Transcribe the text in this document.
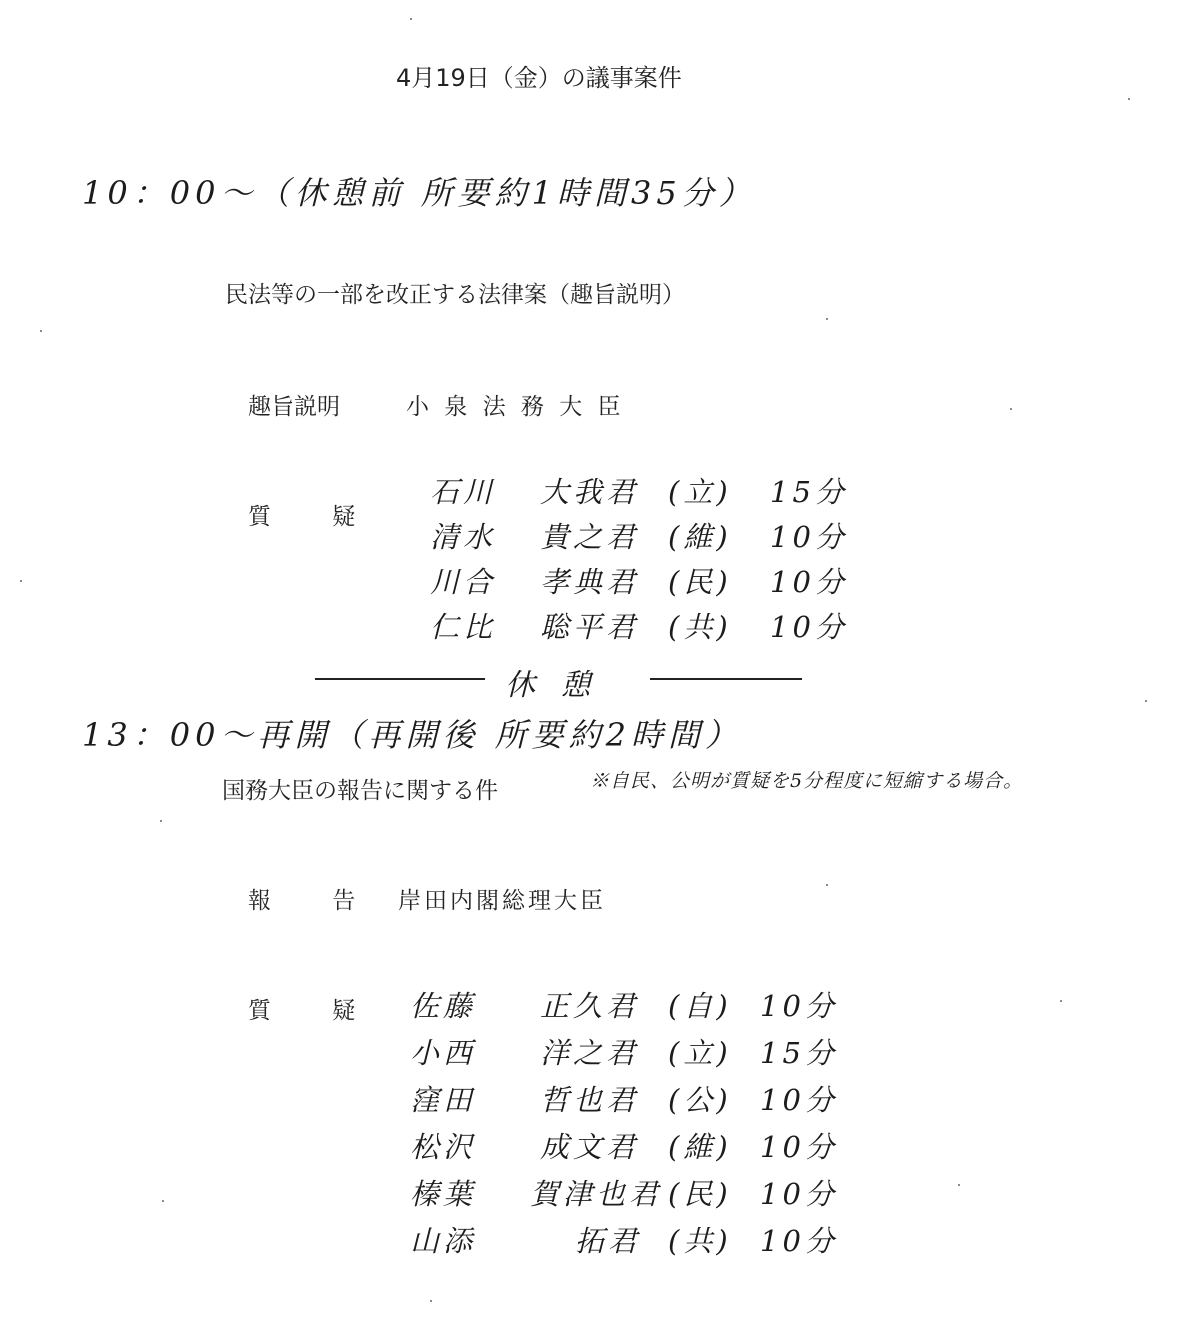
4月19日（金）の議事案件
10：00～（休憩前 所要約1時間35分）
民法等の一部を改正する法律案（趣旨説明）
趣旨説明	小 泉 法 務 大 臣
質 疑
石川 大我君 (立) 15分
清水 貴之君 (維) 10分
川合 孝典君 (民) 10分
仁比 聡平君 (共) 10分
休 憩
13：00～再開（再開後 所要約2時間）
国務大臣の報告に関する件	※自民、公明が質疑を5分程度に短縮する場合。
報 告 岸田内閣総理大臣
質 疑 佐藤 正久君 (自) 10分
小西 洋之君 (立) 15分
窪田 哲也君 (公) 10分
松沢 成文君 (維) 10分
榛葉 賀津也君 (民) 10分
山添	拓君 (共) 10分
